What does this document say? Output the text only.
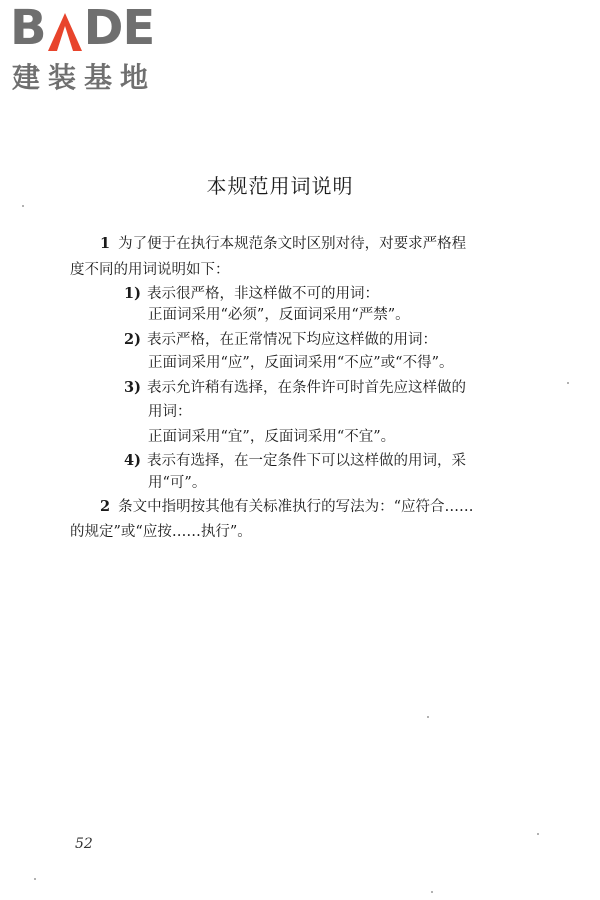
B DE
建装基地
本规范用词说明
1 为了便于在执行本规范条文时区别对待，对要求严格程
度不同的用词说明如下：
1) 表示很严格，非这样做不可的用词：
正面词采用“必须”，反面词采用“严禁”。
2) 表示严格，在正常情况下均应这样做的用词：
正面词采用“应”，反面词采用“不应”或“不得”。
3) 表示允许稍有选择，在条件许可时首先应这样做的
用词：
正面词采用“宜”，反面词采用“不宜”。
4) 表示有选择，在一定条件下可以这样做的用词，采
用“可”。
2 条文中指明按其他有关标准执行的写法为：“应符合……
的规定”或“应按……执行”。
52
